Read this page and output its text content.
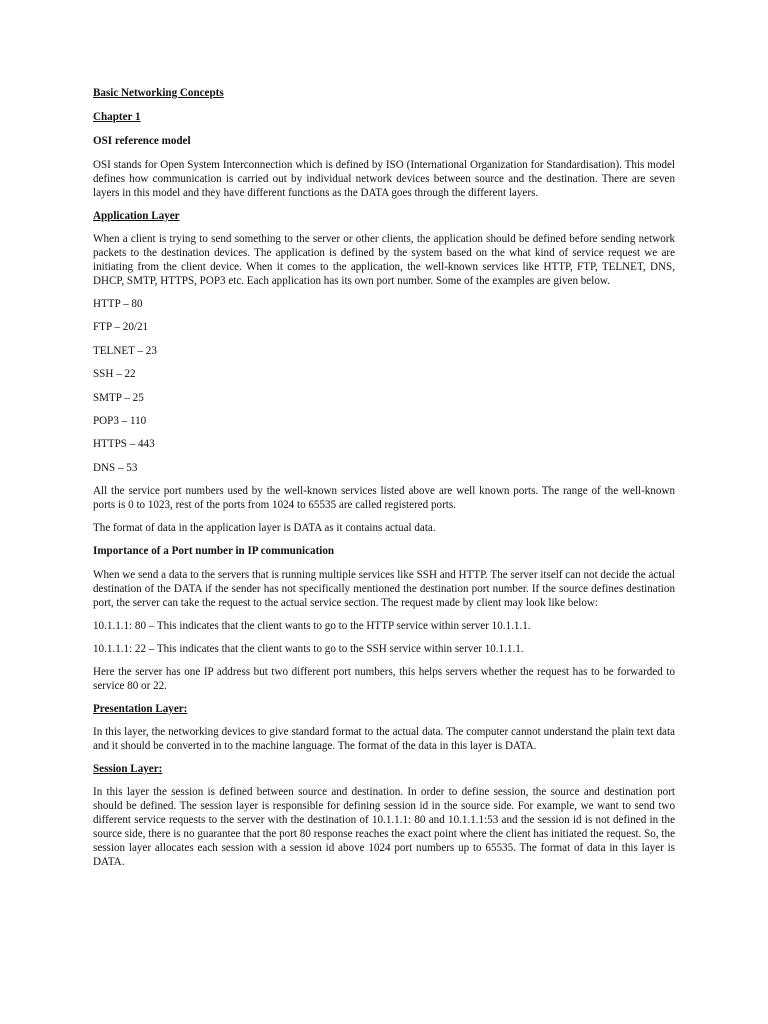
Basic Networking Concepts
Chapter 1
OSI reference model

OSI stands for Open System Interconnection which is defined by ISO (International Organization for Standardisation). This model defines how communication is carried out by individual network devices between source and the destination. There are seven layers in this model and they have different functions as the DATA goes through the different layers.

Application Layer

When a client is trying to send something to the server or other clients, the application should be defined before sending network packets to the destination devices. The application is defined by the system based on the what kind of service request we are initiating from the client device. When it comes to the application, the well-known services like HTTP, FTP, TELNET, DNS, DHCP, SMTP, HTTPS, POP3 etc. Each application has its own port number. Some of the examples are given below.

HTTP – 80
FTP – 20/21
TELNET – 23
SSH – 22
SMTP – 25
POP3 – 110
HTTPS – 443
DNS – 53

All the service port numbers used by the well-known services listed above are well known ports. The range of the well-known ports is 0 to 1023, rest of the ports from 1024 to 65535 are called registered ports.

The format of data in the application layer is DATA as it contains actual data.

Importance of a Port number in IP communication

When we send a data to the servers that is running multiple services like SSH and HTTP. The server itself can not decide the actual destination of the DATA if the sender has not specifically mentioned the destination port number. If the source defines destination port, the server can take the request to the actual service section. The request made by client may look like below:

10.1.1.1: 80 – This indicates that the client wants to go to the HTTP service within server 10.1.1.1.

10.1.1.1: 22 – This indicates that the client wants to go to the SSH service within server 10.1.1.1.

Here the server has one IP address but two different port numbers, this helps servers whether the request has to be forwarded to service 80 or 22.

Presentation Layer:

In this layer, the networking devices to give standard format to the actual data. The computer cannot understand the plain text data and it should be converted in to the machine language. The format of the data in this layer is DATA.

Session Layer:

In this layer the session is defined between source and destination. In order to define session, the source and destination port should be defined. The session layer is responsible for defining session id in the source side. For example, we want to send two different service requests to the server with the destination of 10.1.1.1: 80 and 10.1.1.1:53 and the session id is not defined in the source side, there is no guarantee that the port 80 response reaches the exact point where the client has initiated the request. So, the session layer allocates each session with a session id above 1024 port numbers up to 65535. The format of data in this layer is DATA.
